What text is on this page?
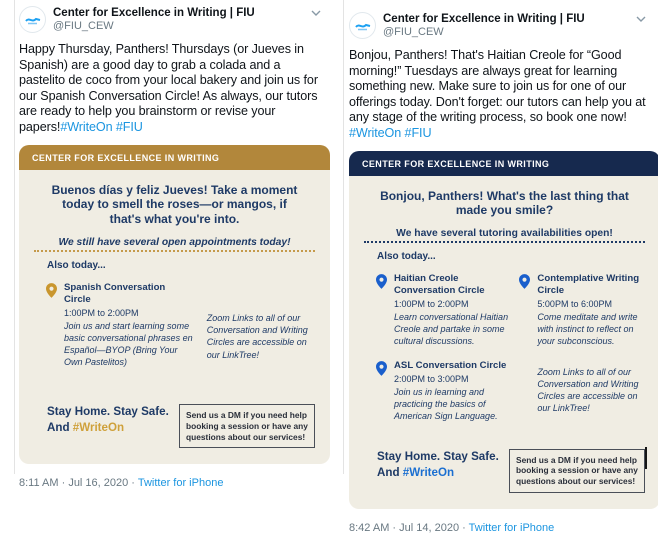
Center for Excellence in Writing | FIU
@FIU_CEW
Happy Thursday, Panthers! Thursdays (or Jueves in Spanish) are a good day to grab a colada and a pastelito de coco from your local bakery and join us for our Spanish Conversation Circle! As always, our tutors are ready to help you brainstorm or revise your papers!#WriteOn #FIU
CENTER FOR EXCELLENCE IN WRITING
Buenos días y feliz Jueves! Take a moment today to smell the roses—or mangos, if that's what you're into.
We still have several open appointments today!
Also today...
Spanish Conversation Circle
1:00PM to 2:00PM
Join us and start learning some basic conversational phrases en Español—BYOP (Bring Your Own Pastelitos)
Zoom Links to all of our Conversation and Writing Circles are accessible on our LinkTree!
Stay Home. Stay Safe.
And #WriteOn
Send us a DM if you need help booking a session or have any questions about our services!
8:11 AM · Jul 16, 2020 · Twitter for iPhone
Center for Excellence in Writing | FIU
@FIU_CEW
Bonjou, Panthers! That's Haitian Creole for “Good morning!” Tuesdays are always great for learning something new. Make sure to join us for one of our offerings today. Don't forget: our tutors can help you at any stage of the writing process, so book one now! #WriteOn #FIU
CENTER FOR EXCELLENCE IN WRITING
Bonjou, Panthers! What's the last thing that made you smile?
We have several tutoring availabilities open!
Also today...
Haitian Creole Conversation Circle
1:00PM to 2:00PM
Learn conversational Haitian Creole and partake in some cultural discussions.
ASL Conversation Circle
2:00PM to 3:00PM
Join us in learning and practicing the basics of American Sign Language.
Contemplative Writing Circle
5:00PM to 6:00PM
Come meditate and write with instinct to reflect on your subconscious.
Zoom Links to all of our Conversation and Writing Circles are accessible on our LinkTree!
Stay Home. Stay Safe.
And #WriteOn
Send us a DM if you need help booking a session or have any questions about our services!
8:42 AM · Jul 14, 2020 · Twitter for iPhone
